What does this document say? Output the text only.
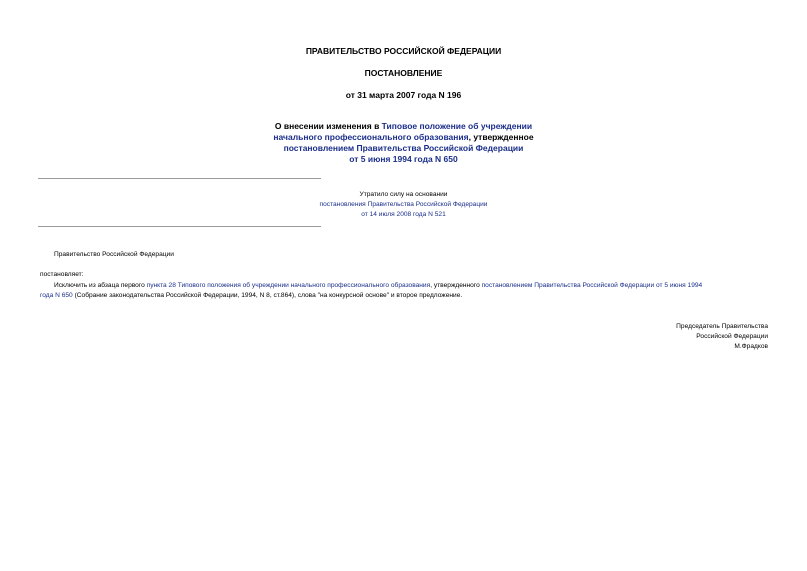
ПРАВИТЕЛЬСТВО РОССИЙСКОЙ ФЕДЕРАЦИИ
ПОСТАНОВЛЕНИЕ
от 31 марта 2007 года N 196
О внесении изменения в Типовое положение об учреждении
начального профессионального образования, утвержденное
постановлением Правительства Российской Федерации
от 5 июня 1994 года N 650
Утратило силу на основании
постановления Правительства Российской Федерации
от 14 июля 2008 года N 521
Правительство Российской Федерации
постановляет:
Исключить из абзаца первого пункта 28 Типового положения об учреждении начального профессионального образования, утвержденного постановлением Правительства Российской Федерации от 5 июня 1994
года N 650 (Собрание законодательства Российской Федерации, 1994, N 8, ст.864), слова "на конкурсной основе" и второе предложение.
Председатель Правительства
Российской Федерации
М.Фрадков
